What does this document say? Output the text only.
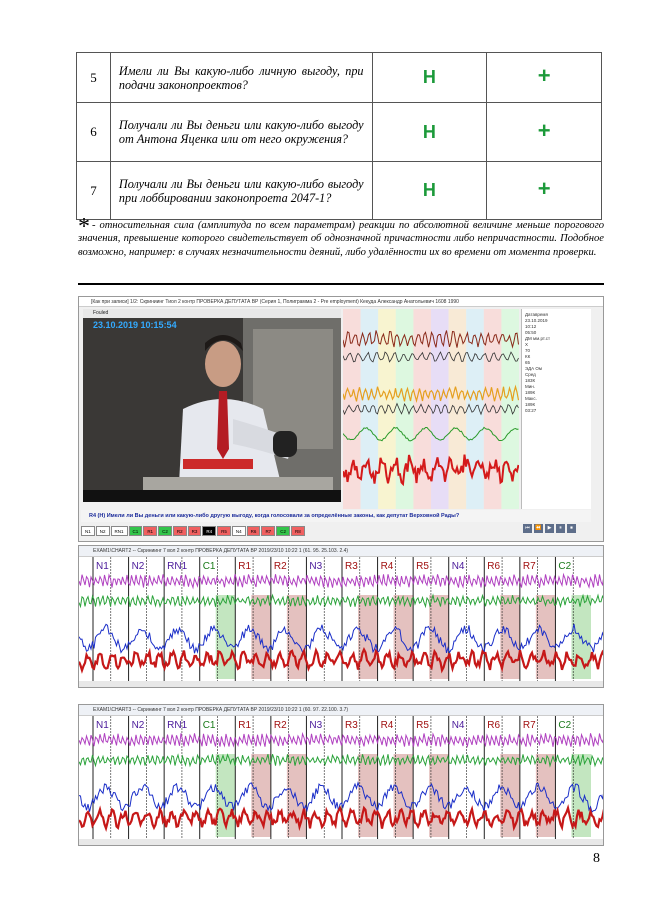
5	Имели ли Вы какую-либо личную выгоду, при подачи законопроектов?	Н	+
6	Получали ли Вы деньги или какую-либо выгоду от Антона Яценка или от него окружения?	Н	+
7	Получали ли Вы деньги или какую-либо выгоду при лоббировании законопроета 2047-1?	Н	+
* - относительная сила (амплитуда по всем параметрам) реакции по абсолютной величине меньше порогового значения, превышение которого свидетельствует об однозначной причастности либо непричастности. Подобное возможно, например: в случаях незначительности деяний, либо удалённости их во времени от момента проверки.
[Как при записи] 1/2: Скриниинг Тиол 2 контр ПРОВЕРКА ДЕПУТАТА ВР (Серия 1, Полиграмма 2 - Pre employment) Кекуда Александр Анатольевич 1608 1990
Fouled
23.10.2019 10:15:54
Датавремя
23.10.2019
10:12
05:50
ДМ мм.рт.ст
Х
70
КК
65
ЭДА Ом
Сред
183К
Мин.
189К
Макс.
189К
03:27
R4 (Н) Имели ли Вы деньги или какую-либо другую выгоду, когда голосовали за определённые законы, как депутат Верховной Рады?
N1	N2	RN1	C1	R1	C2	R2	R3	R4	R5	N4	R6	R7	C2	R8
⏮	⏪	▶	⏸	⏹
EXAM1\CHART2 -- Скриниинг 7 вол 2 контр ПРОВЕРКА ДЕПУТАТА ВР 2019/23/10 10:22 1 (61. 95. 25.103. 2.4)
N1 N2 RN1 C1 R1 R2 N3 R3 R4 R5 N4 R6 R7 C2
EXAM1\CHART3 -- Скриниинг 7 вол 2 контр ПРОВЕРКА ДЕПУТАТА ВР 2019/23/10 10:22 1 (60. 97. 22.100. 3.7)
N1 N2 RN1 C1 R1 R2 N3 R3 R4 R5 N4 R6 R7 C2
8
